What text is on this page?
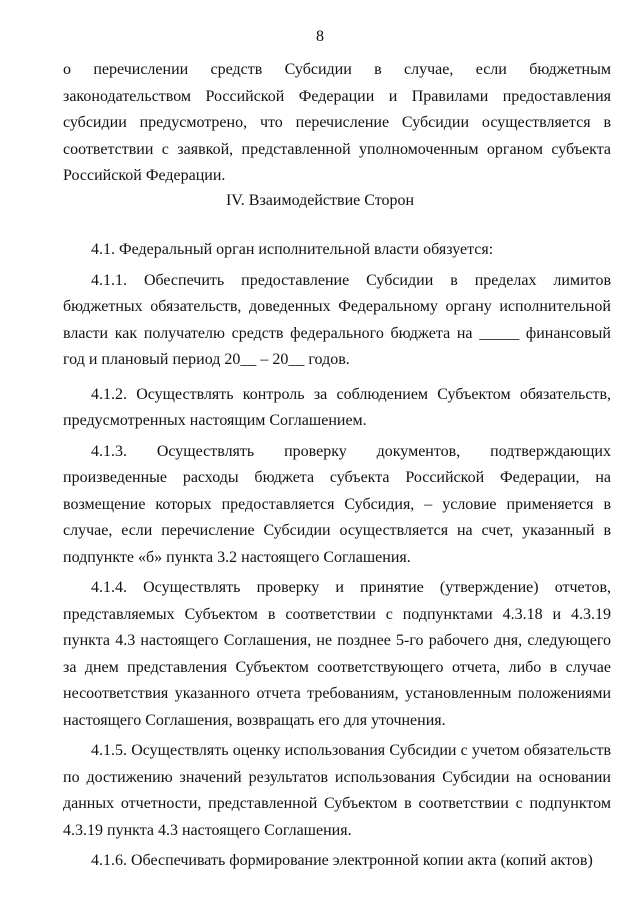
8
о перечислении средств Субсидии в случае, если бюджетным законодательством Российской Федерации и Правилами предоставления субсидии предусмотрено, что перечисление Субсидии осуществляется в соответствии с заявкой, представленной уполномоченным органом субъекта Российской Федерации.
IV. Взаимодействие Сторон

4.1. Федеральный орган исполнительной власти обязуется:

4.1.1. Обеспечить предоставление Субсидии в пределах лимитов бюджетных обязательств, доведенных Федеральному органу исполнительной власти как получателю средств федерального бюджета на _____ финансовый год и плановый период 20__ – 20__ годов.

4.1.2. Осуществлять контроль за соблюдением Субъектом обязательств, предусмотренных настоящим Соглашением.

4.1.3. Осуществлять проверку документов, подтверждающих произведенные расходы бюджета субъекта Российской Федерации, на возмещение которых предоставляется Субсидия, – условие применяется в случае, если перечисление Субсидии осуществляется на счет, указанный в подпункте «б» пункта 3.2 настоящего Соглашения.

4.1.4. Осуществлять проверку и принятие (утверждение) отчетов, представляемых Субъектом в соответствии с подпунктами 4.3.18 и 4.3.19 пункта 4.3 настоящего Соглашения, не позднее 5-го рабочего дня, следующего за днем представления Субъектом соответствующего отчета, либо в случае несоответствия указанного отчета требованиям, установленным положениями настоящего Соглашения, возвращать его для уточнения.

4.1.5. Осуществлять оценку использования Субсидии с учетом обязательств по достижению значений результатов использования Субсидии на основании данных отчетности, представленной Субъектом в соответствии с подпунктом 4.3.19 пункта 4.3 настоящего Соглашения.

4.1.6. Обеспечивать формирование электронной копии акта (копий актов)
